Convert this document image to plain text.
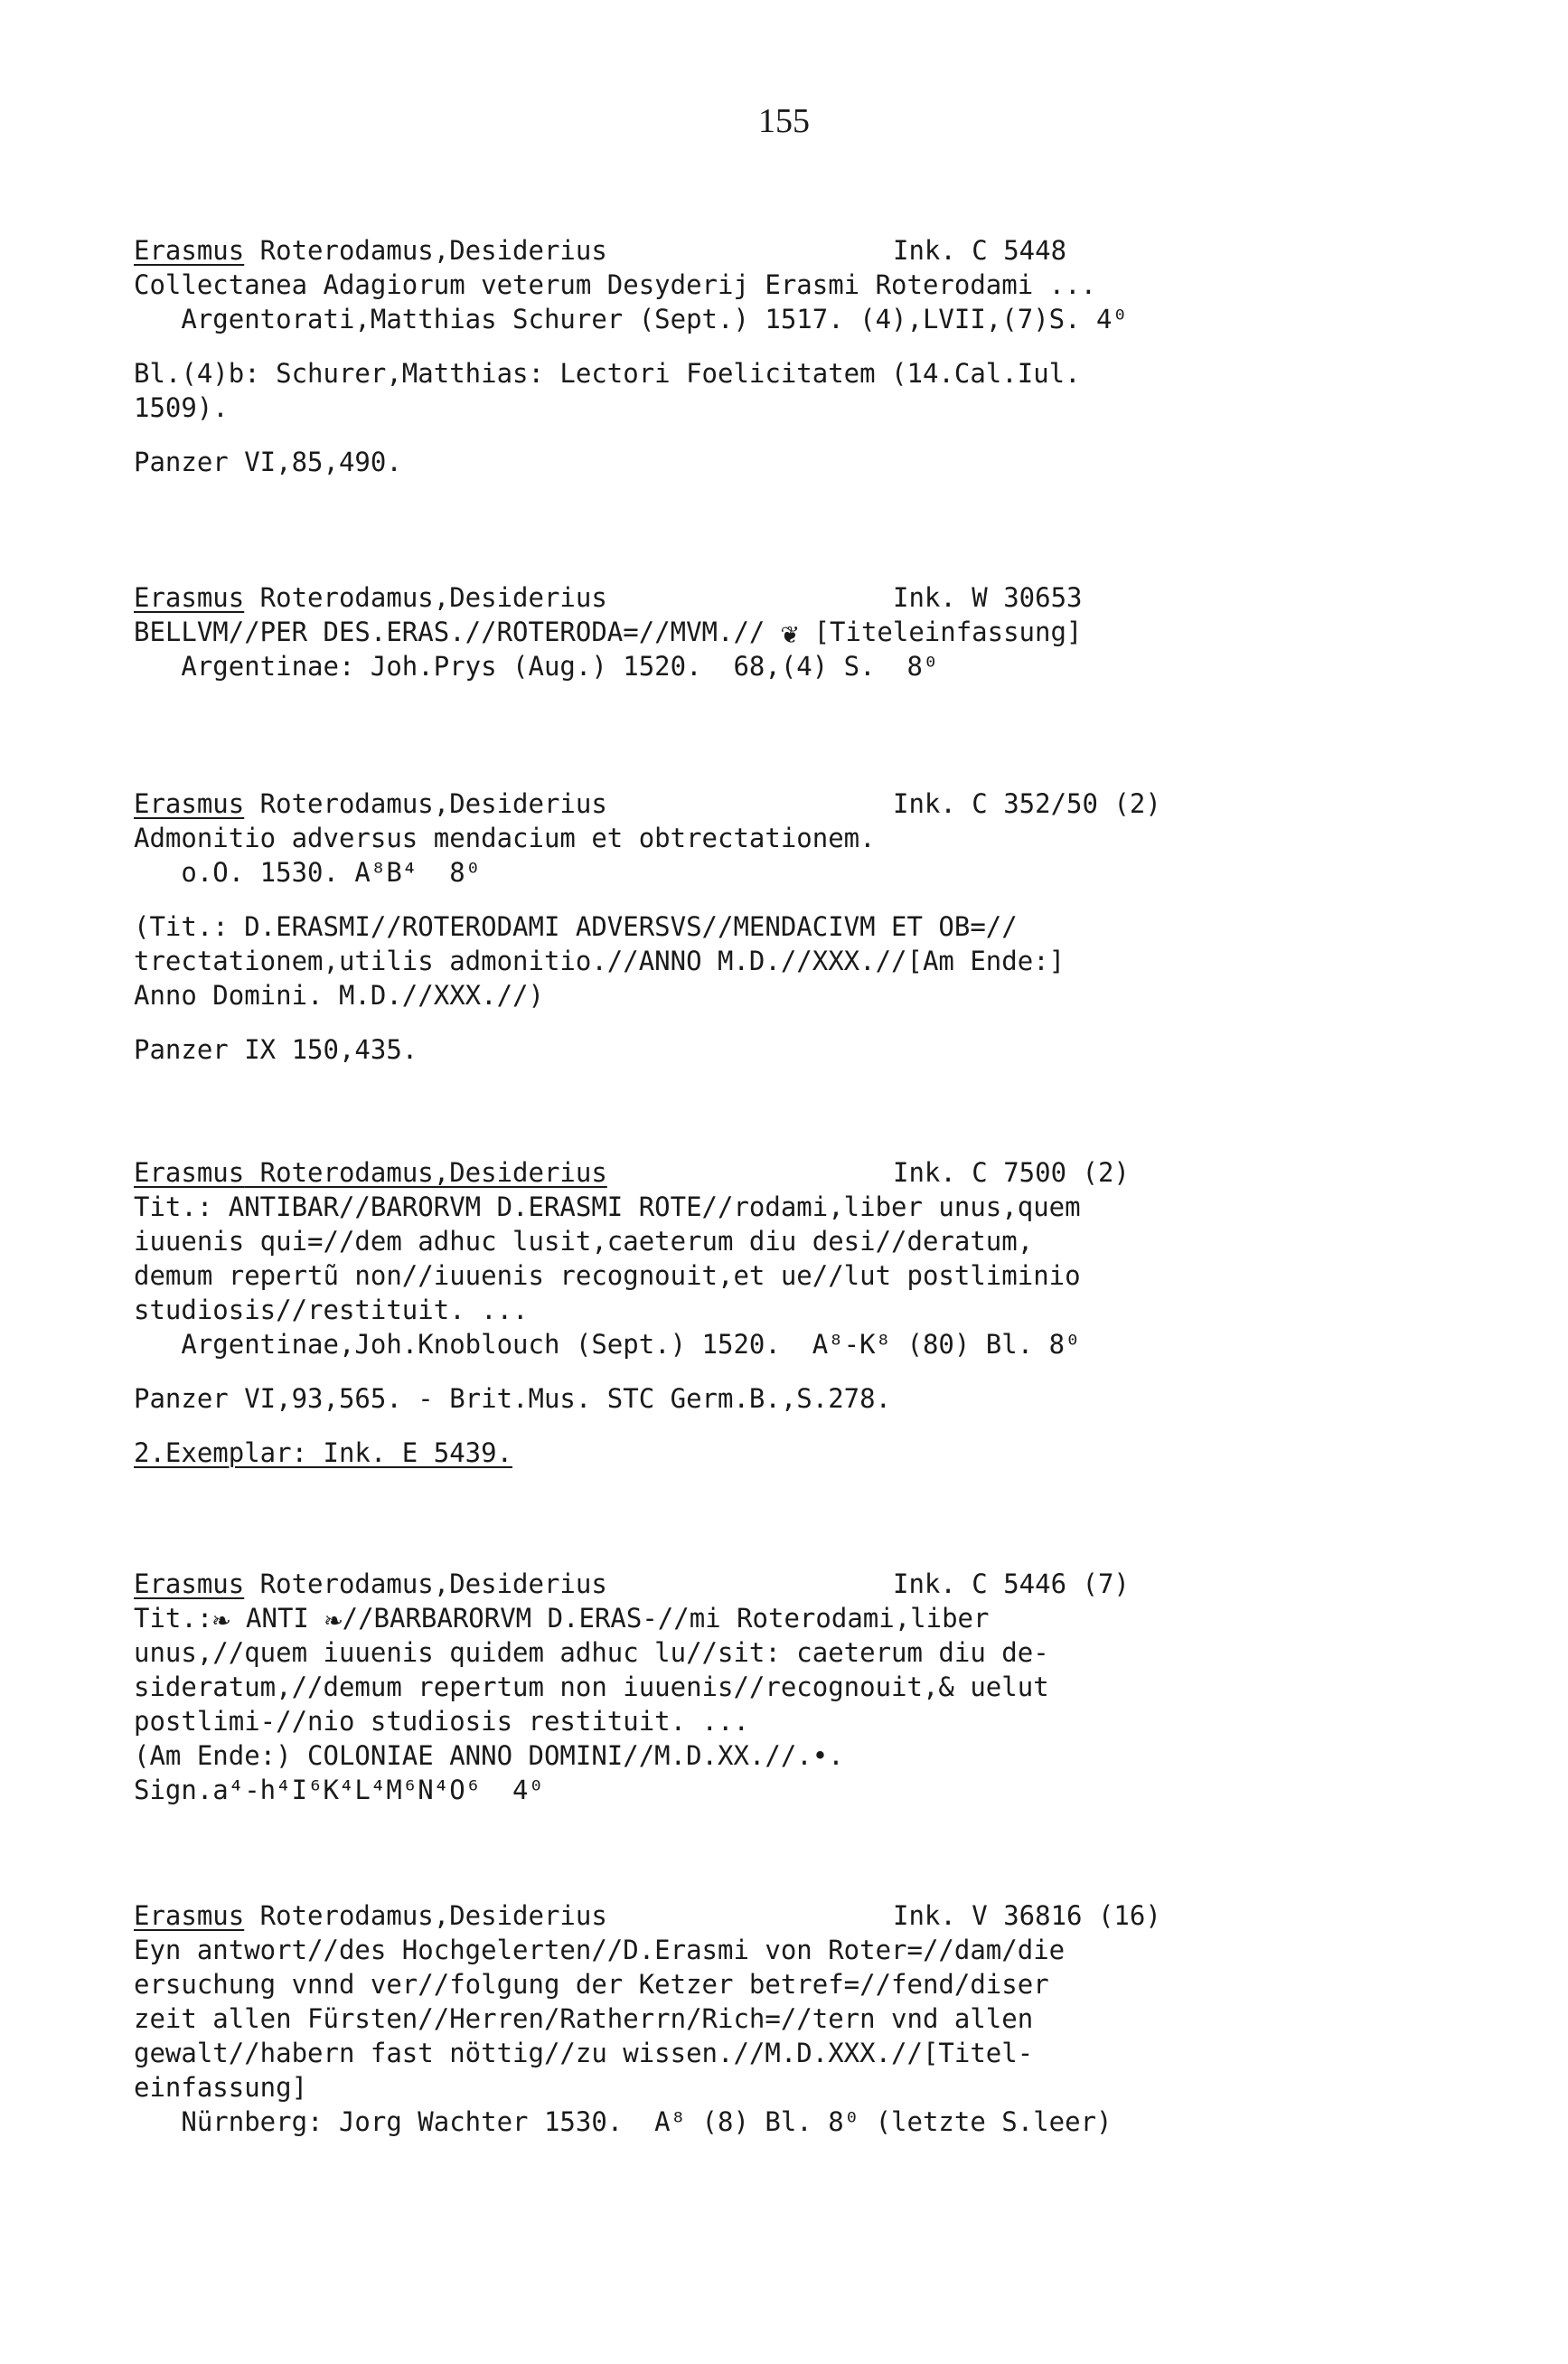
155
Erasmus Roterodamus,Desiderius	Ink. C 5448
Collectanea Adagiorum veterum Desyderij Erasmi Roterodami ...
Argentorati,Matthias Schurer (Sept.) 1517. (4),LVII,(7)S. 4⁰
Bl.(4)b: Schurer,Matthias: Lectori Foelicitatem (14.Cal.Iul.
1509).
Panzer VI,85,490.
Erasmus Roterodamus,Desiderius	Ink. W 30653
BELLVM//PER DES.ERAS.//ROTERODA=//MVM.// ❦ [Titeleinfassung]
Argentinae: Joh.Prys (Aug.) 1520.  68,(4) S.  8⁰
Erasmus Roterodamus,Desiderius	Ink. C 352/50 (2)
Admonitio adversus mendacium et obtrectationem.
o.O. 1530. A⁸B⁴  8⁰
(Tit.: D.ERASMI//ROTERODAMI ADVERSVS//MENDACIVM ET OB=//
trectationem,utilis admonitio.//ANNO M.D.//XXX.//[Am Ende:]
Anno Domini. M.D.//XXX.//)
Panzer IX 150,435.
Erasmus Roterodamus,Desiderius	Ink. C 7500 (2)
Tit.: ANTIBAR//BARORVM D.ERASMI ROTE//rodami,liber unus,quem
iuuenis qui=//dem adhuc lusit,caeterum diu desi//deratum,
demum repertũ non//iuuenis recognouit,et ue//lut postliminio
studiosis//restituit. ...
Argentinae,Joh.Knoblouch (Sept.) 1520.  A⁸-K⁸ (80) Bl. 8⁰
Panzer VI,93,565. - Brit.Mus. STC Germ.B.,S.278.
2.Exemplar: Ink. E 5439.
Erasmus Roterodamus,Desiderius	Ink. C 5446 (7)
Tit.:❧ ANTI ❧//BARBARORVM D.ERAS-//mi Roterodami,liber
unus,//quem iuuenis quidem adhuc lu//sit: caeterum diu de-
sideratum,//demum repertum non iuuenis//recognouit,& uelut
postlimi-//nio studiosis restituit. ...
(Am Ende:) COLONIAE ANNO DOMINI//M.D.XX.//.•.
Sign.a⁴-h⁴I⁶K⁴L⁴M⁶N⁴O⁶  4⁰
Erasmus Roterodamus,Desiderius	Ink. V 36816 (16)
Eyn antwort//des Hochgelerten//D.Erasmi von Roter=//dam/die
ersuchung vnnd ver//folgung der Ketzer betref=//fend/diser
zeit allen Fürsten//Herren/Ratherrn/Rich=//tern vnd allen
gewalt//habern fast nöttig//zu wissen.//M.D.XXX.//[Titel-
einfassung]
Nürnberg: Jorg Wachter 1530.  A⁸ (8) Bl. 8⁰ (letzte S.leer)
